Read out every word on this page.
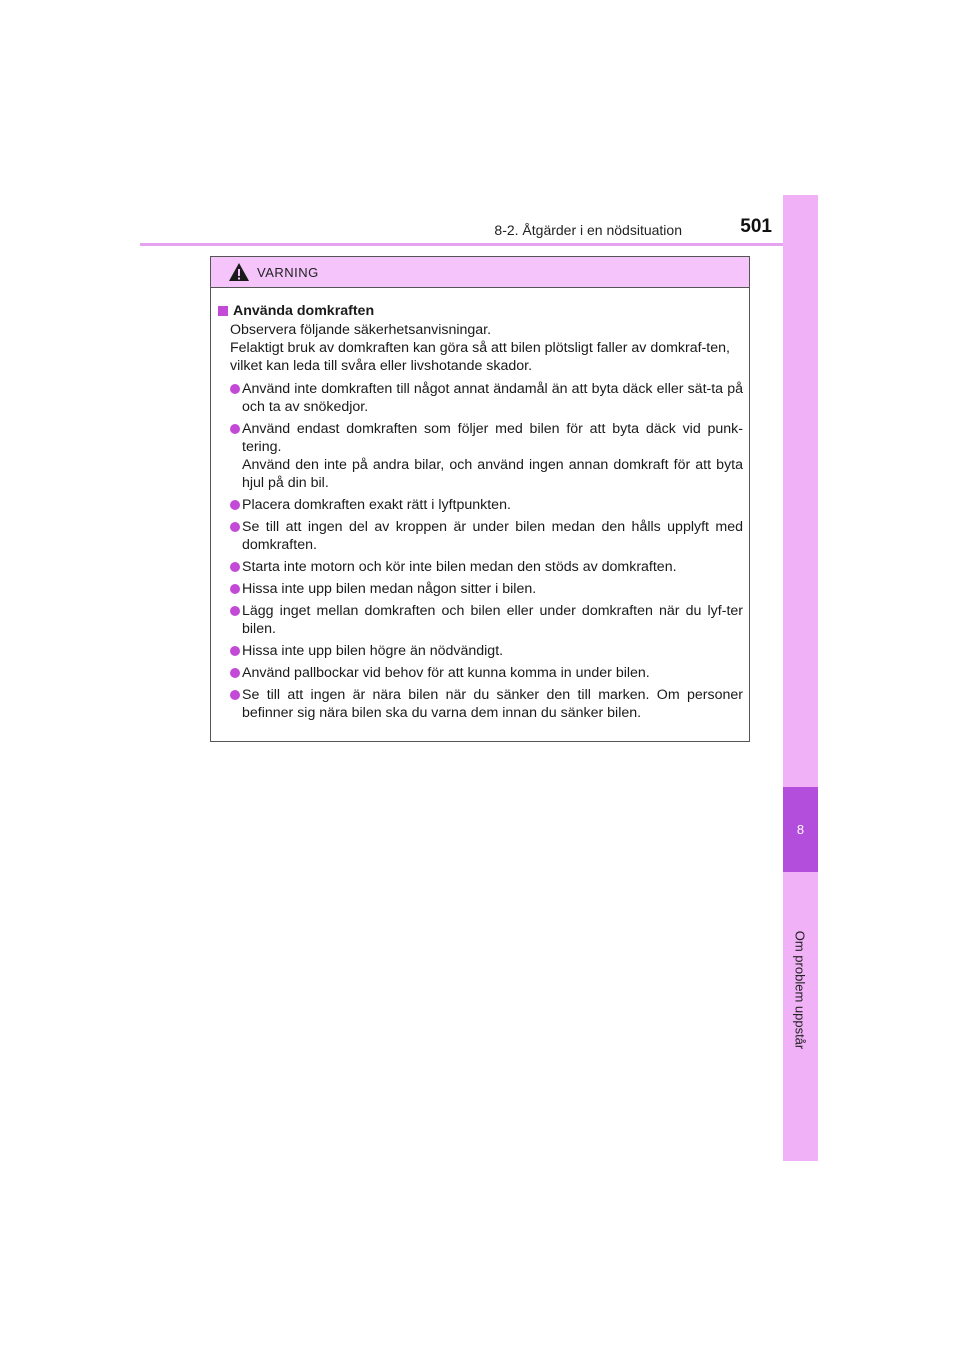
8-2. Åtgärder i en nödsituation	501
8
Om problem uppstår
VARNING
Använda domkraften

Observera följande säkerhetsanvisningar.

Felaktigt bruk av domkraften kan göra så att bilen plötsligt faller av domkraf-ten, vilket kan leda till svåra eller livshotande skador.

Använd inte domkraften till något annat ändamål än att byta däck eller sät-ta på och ta av snökedjor.

Använd endast domkraften som följer med bilen för att byta däck vid punk-tering.

Använd den inte på andra bilar, och använd ingen annan domkraft för att byta hjul på din bil.

Placera domkraften exakt rätt i lyftpunkten.
Se till att ingen del av kroppen är under bilen medan den hålls upplyft med domkraften.
Starta inte motorn och kör inte bilen medan den stöds av domkraften.
Hissa inte upp bilen medan någon sitter i bilen.
Lägg inget mellan domkraften och bilen eller under domkraften när du lyf-ter bilen.
Hissa inte upp bilen högre än nödvändigt.
Använd pallbockar vid behov för att kunna komma in under bilen.
Se till att ingen är nära bilen när du sänker den till marken. Om personer befinner sig nära bilen ska du varna dem innan du sänker bilen.
